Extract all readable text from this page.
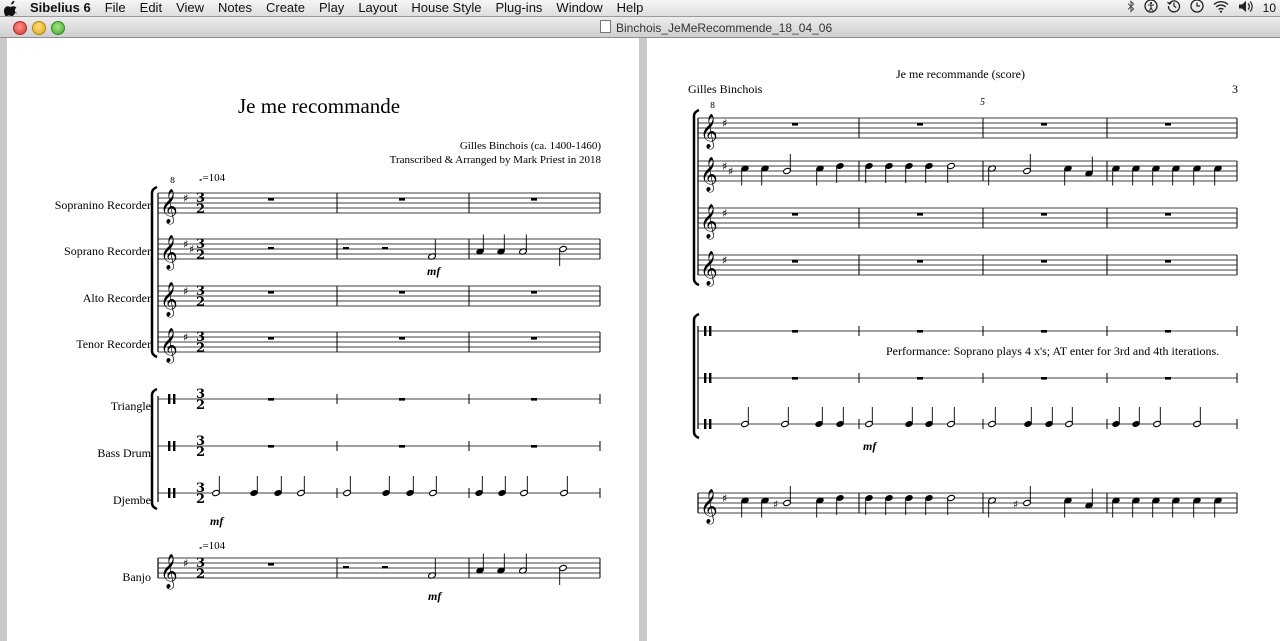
Sibelius 6	File	Edit	View	Notes	Create	Play	Layout	House Style	Plug-ins	Window	Help	10
Binchois_JeMeRecommende_18_04_06
Je me recommande
Gilles Binchois (ca. 1400-1460)
Transcribed & Arranged by Mark Priest in 2018
Sopranino Recorder
Soprano Recorder
Alto Recorder
Tenor Recorder
Triangle
Bass Drum
Djembe
Banjo
𝅗=104
𝅗=104
mf
mf
mf
𝄞
8
♯ 3
2
𝄞 ♯ ♯ 3
2
𝄞 ♯ 3
2
𝄞 ♯ 3
2
3
2
3
2
3
2
𝄞 ♯ 3
2
Je me recommande (score)
Gilles Binchois	3
5
Performance: Soprano plays 4 x's; AT enter for 3rd and 4th iterations.
mf
𝄞
8
♯
𝄞 ♯ ♯
𝄞 ♯
𝄞 ♯
𝄞 ♯	♯	♯
